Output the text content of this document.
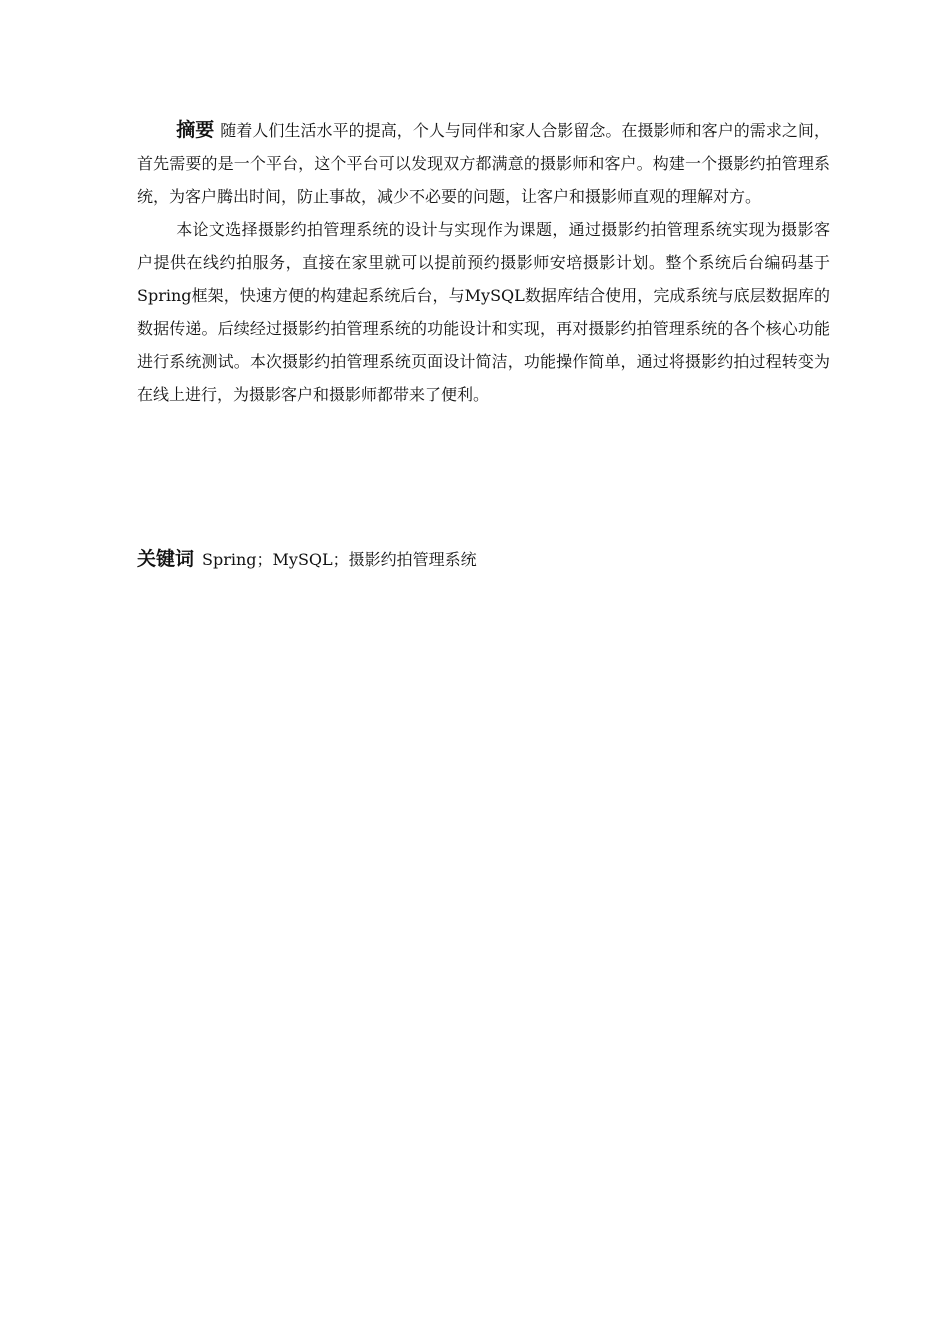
摘要 随着人们生活水平的提高，个人与同伴和家人合影留念。在摄影师和客户的需求之间，首先需要的是一个平台，这个平台可以发现双方都满意的摄影师和客户。构建一个摄影约拍管理系统，为客户腾出时间，防止事故，减少不必要的问题，让客户和摄影师直观的理解对方。

本论文选择摄影约拍管理系统的设计与实现作为课题，通过摄影约拍管理系统实现为摄影客户提供在线约拍服务，直接在家里就可以提前预约摄影师安培摄影计划。整个系统后台编码基于Spring框架，快速方便的构建起系统后台，与MySQL数据库结合使用，完成系统与底层数据库的数据传递。后续经过摄影约拍管理系统的功能设计和实现，再对摄影约拍管理系统的各个核心功能进行系统测试。本次摄影约拍管理系统页面设计简洁，功能操作简单，通过将摄影约拍过程转变为在线上进行，为摄影客户和摄影师都带来了便利。

关键词 Spring；MySQL；摄影约拍管理系统
